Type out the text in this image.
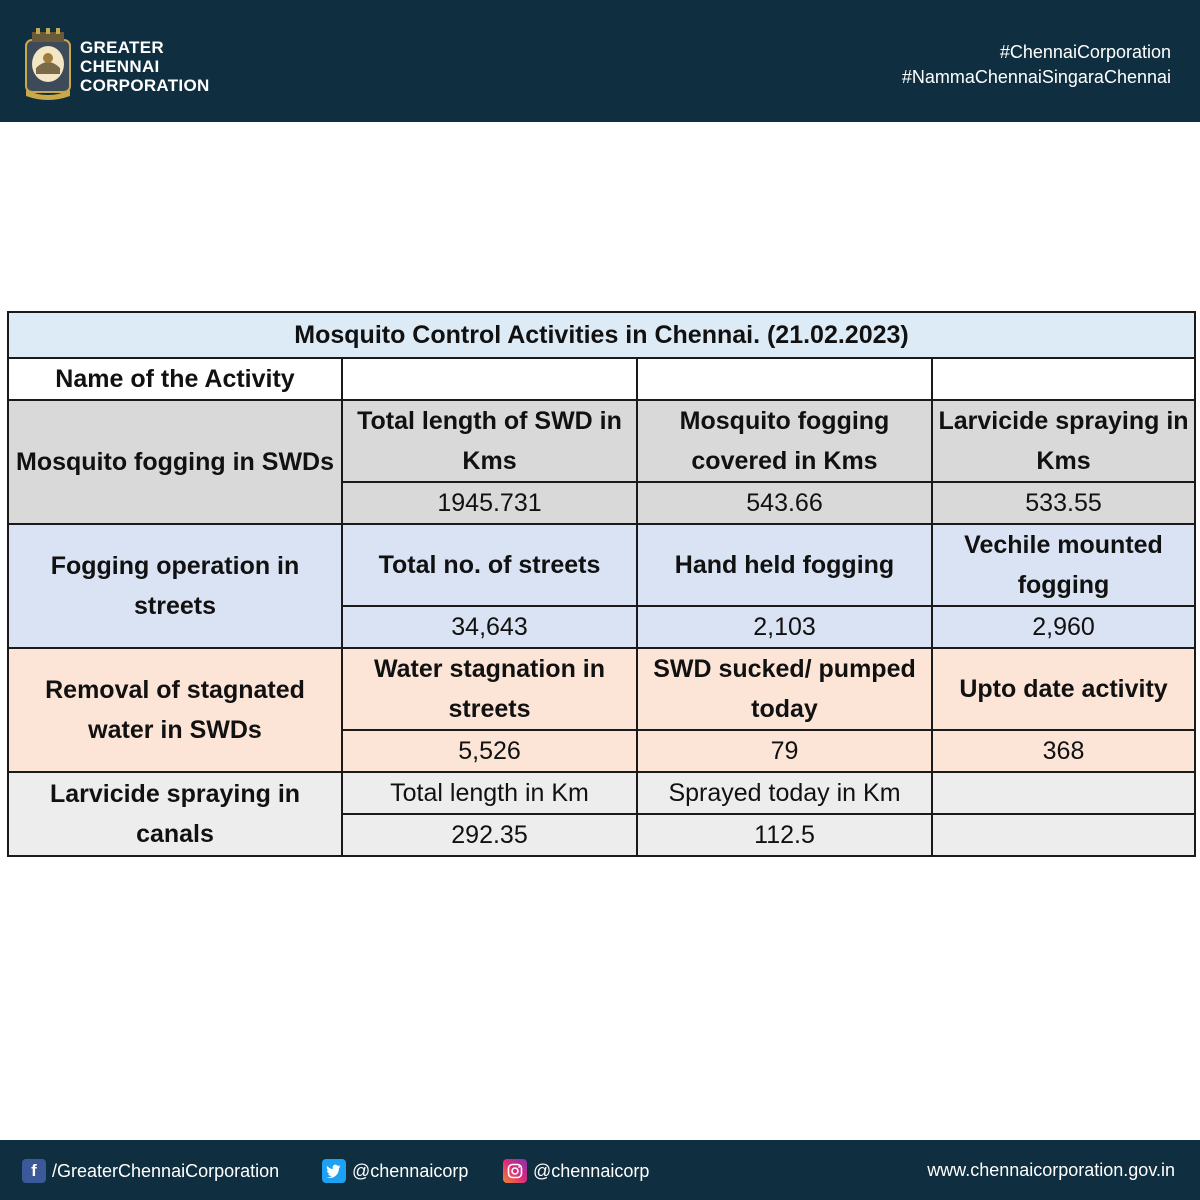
GREATER
CHENNAI
CORPORATION
#ChennaiCorporation
#NammaChennaiSingaraChennai
Mosquito Control Activities in Chennai. (21.02.2023)			
Name of the Activity			
Mosquito fogging in SWDs	Total length of SWD in Kms	Mosquito fogging covered in Kms	Larvicide spraying in Kms
	1945.731	543.66	533.55
Fogging operation in streets	Total no. of streets	Hand held fogging	Vechile mounted fogging
	34,643	2,103	2,960
Removal of stagnated water in SWDs	Water stagnation in streets	SWD sucked/ pumped today	Upto date activity
	5,526	79	368
Larvicide spraying in canals	Total length in Km	Sprayed today in Km	
	292.35	112.5	
f /GreaterChennaiCorporation	@chennaicorp	@chennaicorp	www.chennaicorporation.gov.in
